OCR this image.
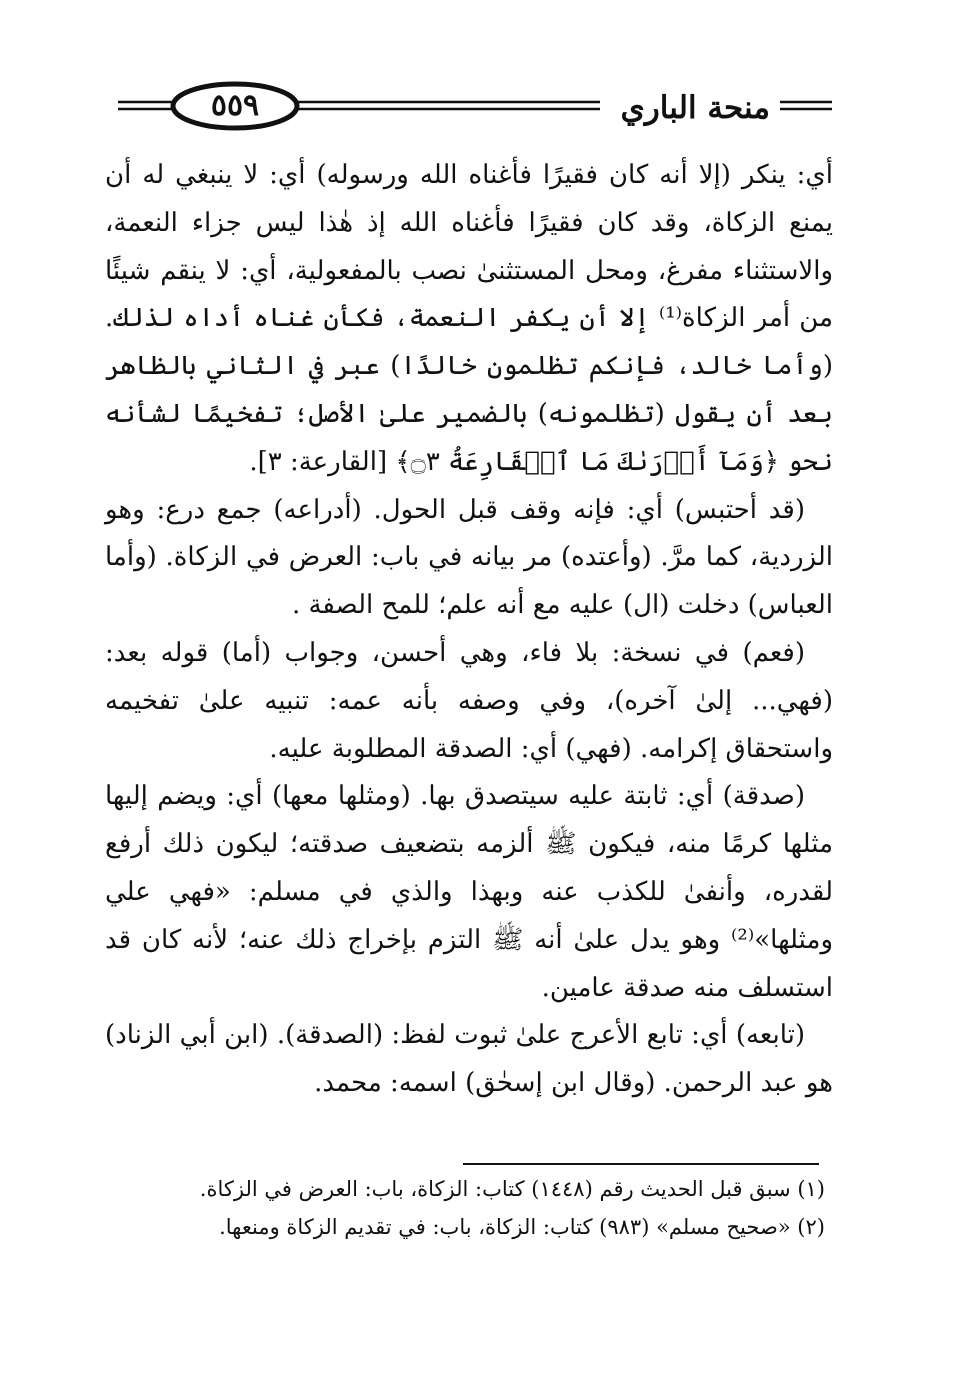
٥٥٩	منحة الباري

أي: ينكر (إلا أنه كان فقيرًا فأغناه الله ورسوله) أي: لا ينبغي له أن يمنع الزكاة، وقد كان فقيرًا فأغناه الله إذ هٰذا ليس جزاء النعمة، والاستثناء مفرغ، ومحل المستثنىٰ نصب بالمفعولية، أي: لا ينقم شيئًا من أمر الزكاة⁽¹⁾ إلا أن يكفر النعمة، فكأن غناه أداه لذلك. (وأما خالد، فإنكم تظلمون خالدًا) عبر في الثاني بالظاهر بعد أن يقول (تظلمونه) بالضمير علىٰ الأصل؛ تفخيمًا لشأنه نحو ﴿وَمَآ أَدۡرَىٰكَ مَا ٱلۡقَارِعَةُ ۝٣﴾ [القارعة: ٣].

(قد أحتبس) أي: فإنه وقف قبل الحول. (أدراعه) جمع درع: وهو الزردية، كما مرَّ. (وأعتده) مر بيانه في باب: العرض في الزكاة. (وأما العباس) دخلت (ال) عليه مع أنه علم؛ للمح الصفة .

(فعم) في نسخة: بلا فاء، وهي أحسن، وجواب (أما) قوله بعد: (فهي... إلىٰ آخره)، وفي وصفه بأنه عمه: تنبيه علىٰ تفخيمه واستحقاق إكرامه. (فهي) أي: الصدقة المطلوبة عليه.

(صدقة) أي: ثابتة عليه سيتصدق بها. (ومثلها معها) أي: ويضم إليها مثلها كرمًا منه، فيكون ﷺ ألزمه بتضعيف صدقته؛ ليكون ذلك أرفع لقدره، وأنفىٰ للكذب عنه وبهذا والذي في مسلم: «فهي علي ومثلها»⁽²⁾ وهو يدل علىٰ أنه ﷺ التزم بإخراج ذلك عنه؛ لأنه كان قد استسلف منه صدقة عامين.

(تابعه) أي: تابع الأعرج علىٰ ثبوت لفظ: (الصدقة). (ابن أبي الزناد) هو عبد الرحمن. (وقال ابن إسحٰق) اسمه: محمد.

(١) سبق قبل الحديث رقم (١٤٤٨) كتاب: الزكاة، باب: العرض في الزكاة.

(٢) «صحيح مسلم» (٩٨٣) كتاب: الزكاة، باب: في تقديم الزكاة ومنعها.
